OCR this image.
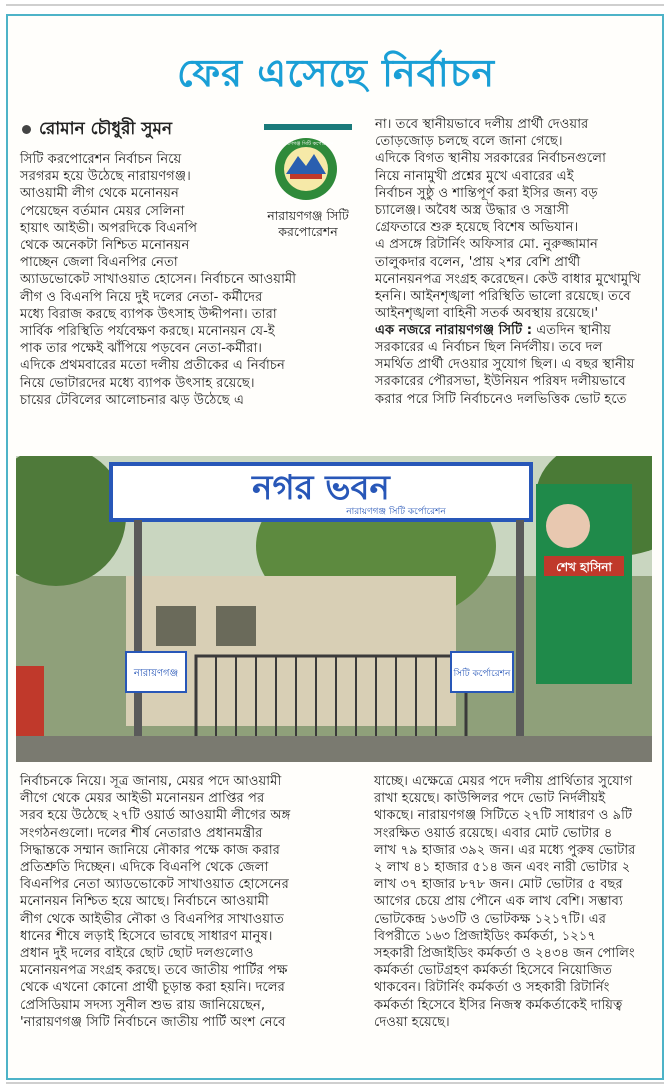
ফের এসেছে নির্বাচন
রোমান চৌধুরী সুমন
নারায়ণগঞ্জ সিটি কর্পোরেশন
নারায়ণগঞ্জ সিটি
করপোরেশন

সিটি করপোরেশন নির্বাচন নিয়ে

সরগরম হয়ে উঠেছে নারায়ণগঞ্জ।

আওয়ামী লীগ থেকে মনোনয়ন

পেয়েছেন বর্তমান মেয়র সেলিনা

হায়াৎ আইভী। অপরদিকে বিএনপি

থেকে অনেকটা নিশ্চিত মনোনয়ন

পাচ্ছেন জেলা বিএনপির নেতা

অ্যাডভোকেট সাখাওয়াত হোসেন। নির্বাচনে আওয়ামী

লীগ ও বিএনপি নিয়ে দুই দলের নেতা- কর্মীদের

মধ্যে বিরাজ করছে ব্যাপক উৎসাহ উদ্দীপনা। তারা

সার্বিক পরিস্থিতি পর্যবেক্ষণ করছে। মনোনয়ন যে-ই

পাক তার পক্ষেই ঝাঁপিয়ে পড়বেন নেতা-কর্মীরা।

এদিকে প্রথমবারের মতো দলীয় প্রতীকের এ নির্বাচন

নিয়ে ভোটারদের মধ্যে ব্যাপক উৎসাহ রয়েছে।

চায়ের টেবিলের আলোচনার ঝড় উঠেছে এ

না। তবে স্থানীয়ভাবে দলীয় প্রার্থী দেওয়ার

তোড়জোড় চলছে বলে জানা গেছে।

এদিকে বিগত স্থানীয় সরকারের নির্বাচনগুলো

নিয়ে নানামুখী প্রশ্নের মুখে এবারের এই

নির্বাচন সুষ্ঠু ও শান্তিপূর্ণ করা ইসির জন্য বড়

চ্যালেঞ্জ। অবৈধ অস্ত্র উদ্ধার ও সন্ত্রাসী

গ্রেফতারে শুরু হয়েছে বিশেষ অভিযান।

এ প্রসঙ্গে রিটার্নিং অফিসার মো. নুরুজ্জামান

তালুকদার বলেন, 'প্রায় ২শর বেশি প্রার্থী

মনোনয়নপত্র সংগ্রহ করেছেন। কেউ বাধার মুখোমুখি

হননি। আইনশৃঙ্খলা পরিস্থিতি ভালো রয়েছে। তবে

আইনশৃঙ্খলা বাহিনী সতর্ক অবস্থায় রয়েছে।'

এক নজরে নারায়ণগঞ্জ সিটি : এতদিন স্থানীয়

সরকারের এ নির্বাচন ছিল নির্দলীয়। তবে দল

সমর্থিত প্রার্থী দেওয়ার সুযোগ ছিল। এ বছর স্থানীয়

সরকারের পৌরসভা, ইউনিয়ন পরিষদ দলীয়ভাবে

করার পরে সিটি নির্বাচনেও দলভিত্তিক ভোট হতে

নগর ভবন
নারায়ণগঞ্জ সিটি কর্পোরেশন
নারায়ণগঞ্জ	সিটি কর্পোরেশন
শেখ হাসিনা

নির্বাচনকে নিয়ে। সূত্র জানায়, মেয়র পদে আওয়ামী

লীগে থেকে মেয়র আইভী মনোনয়ন প্রাপ্তির পর

সরব হয়ে উঠেছে ২৭টি ওয়ার্ড আওয়ামী লীগের অঙ্গ

সংগঠনগুলো। দলের শীর্ষ নেতারাও প্রধানমন্ত্রীর

সিদ্ধান্তকে সম্মান জানিয়ে নৌকার পক্ষে কাজ করার

প্রতিশ্রুতি দিচ্ছেন। এদিকে বিএনপি থেকে জেলা

বিএনপির নেতা অ্যাডভোকেট সাখাওয়াত হোসেনের

মনোনয়ন নিশ্চিত হয়ে আছে। নির্বাচনে আওয়ামী

লীগ থেকে আইভীর নৌকা ও বিএনপির সাখাওয়াত

ধানের শীষে লড়াই হিসেবে ভাবছে সাধারণ মানুষ।

প্রধান দুই দলের বাইরে ছোট ছোট দলগুলোও

মনোনয়নপত্র সংগ্রহ করছে। তবে জাতীয় পার্টির পক্ষ

থেকে এখনো কোনো প্রার্থী চূড়ান্ত করা হয়নি। দলের

প্রেসিডিয়াম সদস্য সুনীল শুভ রায় জানিয়েছেন,

'নারায়ণগঞ্জ সিটি নির্বাচনে জাতীয় পার্টি অংশ নেবে

যাচ্ছে। এক্ষেত্রে মেয়র পদে দলীয় প্রার্থিতার সুযোগ

রাখা হয়েছে। কাউন্সিলর পদে ভোট নির্দলীয়ই

থাকছে। নারায়ণগঞ্জ সিটিতে ২৭টি সাধারণ ও ৯টি

সংরক্ষিত ওয়ার্ড রয়েছে। এবার মোট ভোটার ৪

লাখ ৭৯ হাজার ৩৯২ জন। এর মধ্যে পুরুষ ভোটার

২ লাখ ৪১ হাজার ৫১৪ জন এবং নারী ভোটার ২

লাখ ৩৭ হাজার ৮৭৮ জন। মোট ভোটার ৫ বছর

আগের চেয়ে প্রায় পৌনে এক লাখ বেশি। সম্ভাব্য

ভোটকেন্দ্র ১৬৩টি ও ভোটকক্ষ ১২১৭টি। এর

বিপরীতে ১৬৩ প্রিজাইডিং কর্মকর্তা, ১২১৭

সহকারী প্রিজাইডিং কর্মকর্তা ও ২৪৩৪ জন পোলিং

কর্মকর্তা ভোটগ্রহণ কর্মকর্তা হিসেবে নিয়োজিত

থাকবেন। রিটার্নিং কর্মকর্তা ও সহকারী রিটার্নিং

কর্মকর্তা হিসেবে ইসির নিজস্ব কর্মকর্তাকেই দায়িত্ব

দেওয়া হয়েছে।
